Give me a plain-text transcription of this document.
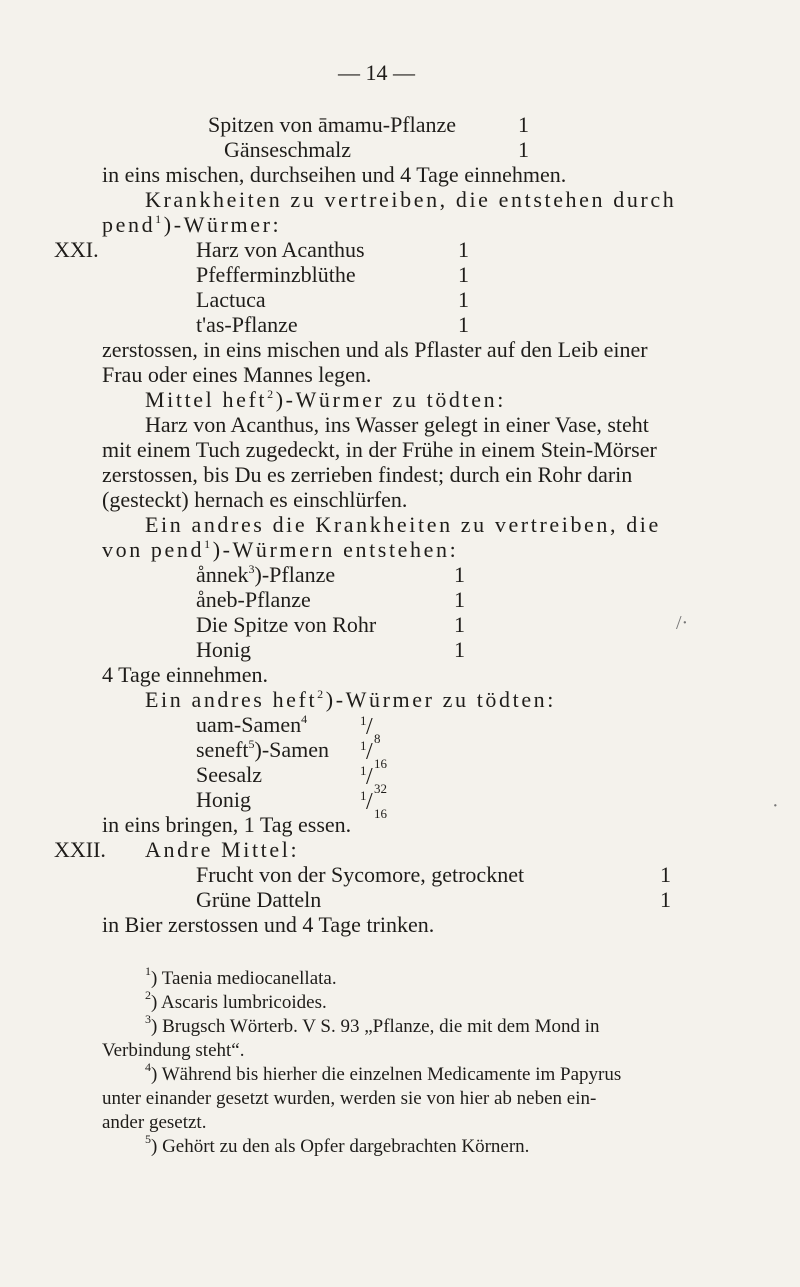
— 14 —
Spitzen von āmamu-Pflanze	1
Gänseschmalz	1
in eins mischen, durchseihen und 4 Tage einnehmen.
Krankheiten zu vertreiben, die entstehen durch
pend$^1$)-Würmer:
XXI.	Harz von Acanthus	1
Pfefferminzblüthe	1
Lactuca	1
t'as-Pflanze	1
zerstossen, in eins mischen und als Pflaster auf den Leib einer
Frau oder eines Mannes legen.
Mittel heft$^2$)-Würmer zu tödten:
Harz von Acanthus, ins Wasser gelegt in einer Vase, steht
mit einem Tuch zugedeckt, in der Frühe in einem Stein-Mörser
zerstossen, bis Du es zerrieben findest; durch ein Rohr darin
(gesteckt) hernach es einschlürfen.
Ein andres die Krankheiten zu vertreiben, die
von pend$^1$)-Würmern entstehen:
ånnek$^3$)-Pflanze	1
åneb-Pflanze	1
Die Spitze von Rohr	1	/·
Honig	1
4 Tage einnehmen.
Ein andres heft$^2$)-Würmer zu tödten:
uam-Samen$^4$	1 / 8
seneft$^5$)-Samen 1 / 16
Seesalz	1 / 32
Honig	1 / 16	·
in eins bringen, 1 Tag essen.
XXII. Andre Mittel:
Frucht von der Sycomore, getrocknet	1
Grüne Datteln	1
in Bier zerstossen und 4 Tage trinken.
$^1$) Taenia mediocanellata.
$^2$) Ascaris lumbricoides.
$^3$) Brugsch Wörterb. V S. 93 „Pflanze, die mit dem Mond in
Verbindung steht“.
$^4$) Während bis hierher die einzelnen Medicamente im Papyrus
unter einander gesetzt wurden, werden sie von hier ab neben ein-
ander gesetzt.
$^5$) Gehört zu den als Opfer dargebrachten Körnern.
